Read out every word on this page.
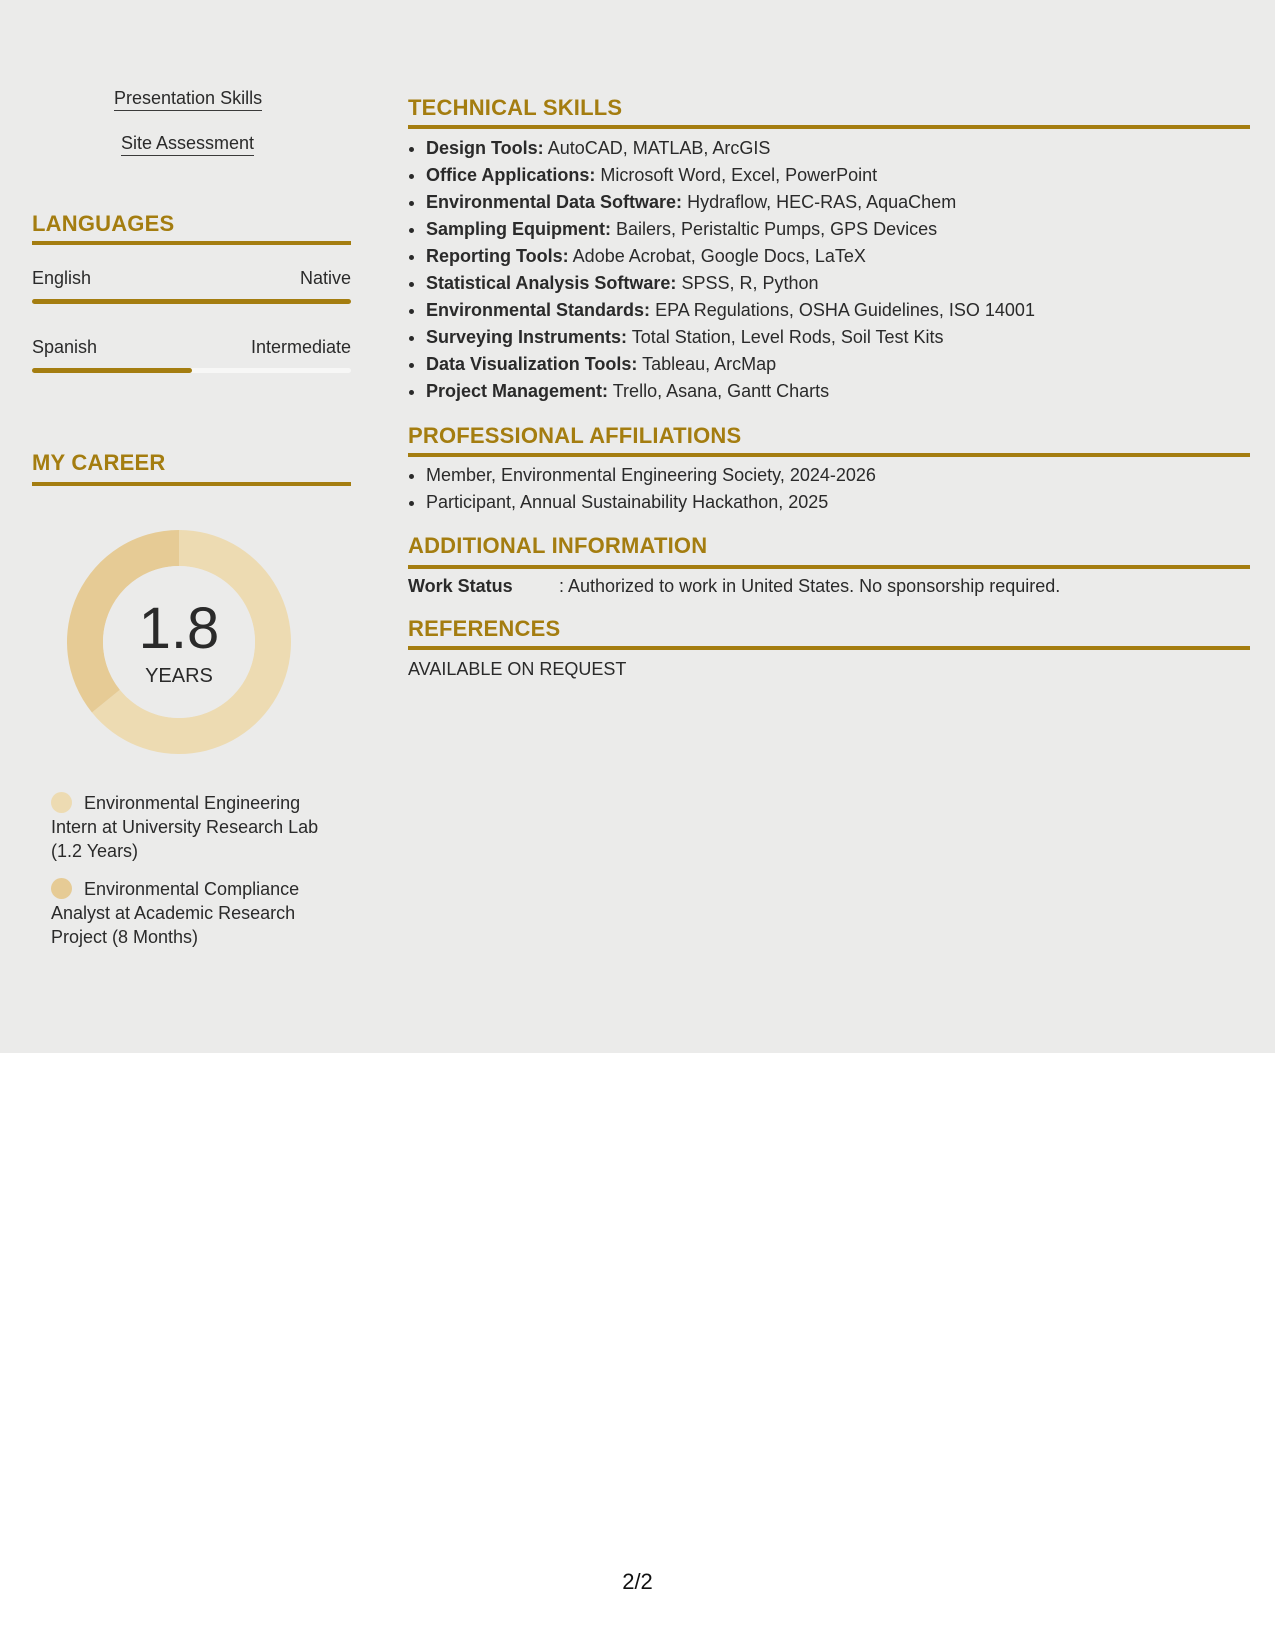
Presentation Skills
Site Assessment
LANGUAGES
English	Native
Spanish	Intermediate
MY CAREER
1.8
YEARS
Environmental Engineering Intern at University Research Lab (1.2 Years)
Environmental Compliance Analyst at Academic Research Project (8 Months)
TECHNICAL SKILLS
• Design Tools: AutoCAD, MATLAB, ArcGIS
• Office Applications: Microsoft Word, Excel, PowerPoint
• Environmental Data Software: Hydraflow, HEC-RAS, AquaChem
• Sampling Equipment: Bailers, Peristaltic Pumps, GPS Devices
• Reporting Tools: Adobe Acrobat, Google Docs, LaTeX
• Statistical Analysis Software: SPSS, R, Python
• Environmental Standards: EPA Regulations, OSHA Guidelines, ISO 14001
• Surveying Instruments: Total Station, Level Rods, Soil Test Kits
• Data Visualization Tools: Tableau, ArcMap
• Project Management: Trello, Asana, Gantt Charts
PROFESSIONAL AFFILIATIONS
• Member, Environmental Engineering Society, 2024-2026
• Participant, Annual Sustainability Hackathon, 2025
ADDITIONAL INFORMATION
Work Status	: Authorized to work in United States. No sponsorship required.
REFERENCES
AVAILABLE ON REQUEST
2/2
